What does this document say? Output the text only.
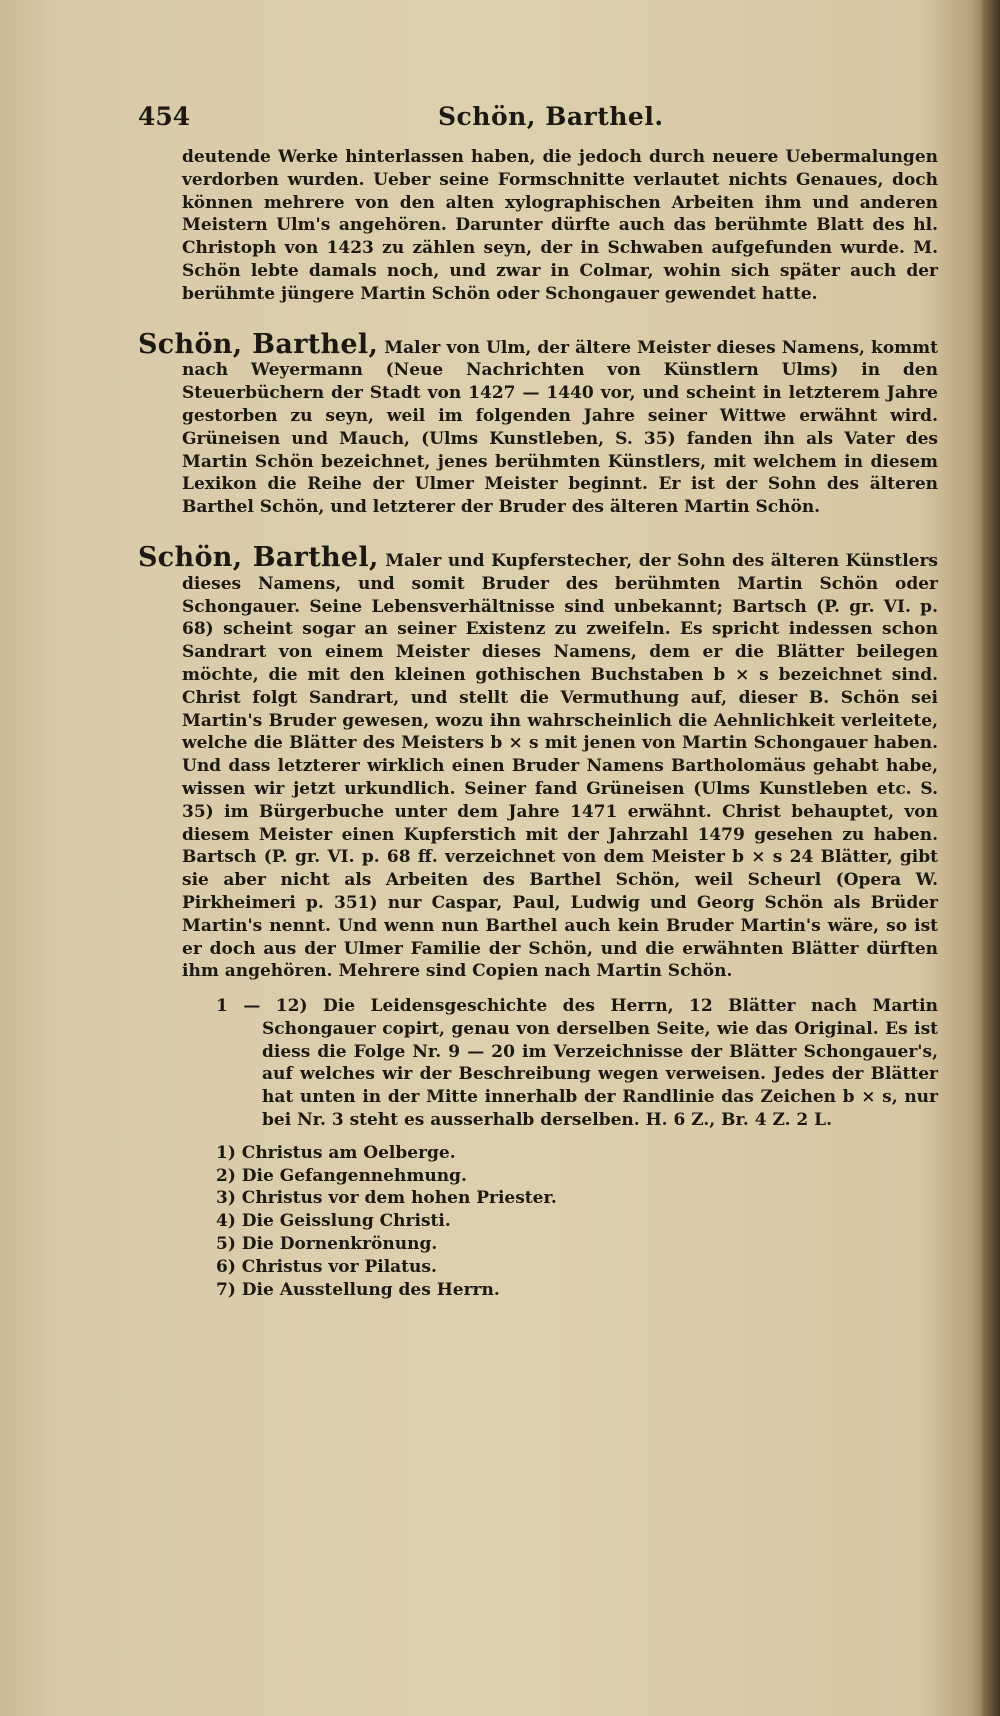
454	Schön, Barthel.

deutende Werke hinterlassen haben, die jedoch durch neuere Uebermalungen verdorben wurden. Ueber seine Formschnitte verlautet nichts Genaues, doch können mehrere von den alten xylographischen Arbeiten ihm und anderen Meistern Ulm's angehören. Darunter dürfte auch das berühmte Blatt des hl. Christoph von 1423 zu zählen seyn, der in Schwaben aufgefunden wurde. M. Schön lebte damals noch, und zwar in Colmar, wohin sich später auch der berühmte jüngere Martin Schön oder Schongauer gewendet hatte.

Schön, Barthel, Maler von Ulm, der ältere Meister dieses Namens, kommt nach Weyermann (Neue Nachrichten von Künstlern Ulms) in den Steuerbüchern der Stadt von 1427 — 1440 vor, und scheint in letzterem Jahre gestorben zu seyn, weil im folgenden Jahre seiner Wittwe erwähnt wird. Grüneisen und Mauch, (Ulms Kunstleben, S. 35) fanden ihn als Vater des Martin Schön bezeichnet, jenes berühmten Künstlers, mit welchem in diesem Lexikon die Reihe der Ulmer Meister beginnt. Er ist der Sohn des älteren Barthel Schön, und letzterer der Bruder des älteren Martin Schön.

Schön, Barthel, Maler und Kupferstecher, der Sohn des älteren Künstlers dieses Namens, und somit Bruder des berühmten Martin Schön oder Schongauer. Seine Lebensverhältnisse sind unbekannt; Bartsch (P. gr. VI. p. 68) scheint sogar an seiner Existenz zu zweifeln. Es spricht indessen schon Sandrart von einem Meister dieses Namens, dem er die Blätter beilegen möchte, die mit den kleinen gothischen Buchstaben b × s bezeichnet sind. Christ folgt Sandrart, und stellt die Vermuthung auf, dieser B. Schön sei Martin's Bruder gewesen, wozu ihn wahrscheinlich die Aehnlichkeit verleitete, welche die Blätter des Meisters b × s mit jenen von Martin Schongauer haben. Und dass letzterer wirklich einen Bruder Namens Bartholomäus gehabt habe, wissen wir jetzt urkundlich. Seiner fand Grüneisen (Ulms Kunstleben etc. S. 35) im Bürgerbuche unter dem Jahre 1471 erwähnt. Christ behauptet, von diesem Meister einen Kupferstich mit der Jahrzahl 1479 gesehen zu haben. Bartsch (P. gr. VI. p. 68 ff. verzeichnet von dem Meister b × s 24 Blätter, gibt sie aber nicht als Arbeiten des Barthel Schön, weil Scheurl (Opera W. Pirkheimeri p. 351) nur Caspar, Paul, Ludwig und Georg Schön als Brüder Martin's nennt. Und wenn nun Barthel auch kein Bruder Martin's wäre, so ist er doch aus der Ulmer Familie der Schön, und die erwähnten Blätter dürften ihm angehören. Mehrere sind Copien nach Martin Schön.

1 — 12) Die Leidensgeschichte des Herrn, 12 Blätter nach Martin Schongauer copirt, genau von derselben Seite, wie das Original. Es ist diess die Folge Nr. 9 — 20 im Verzeichnisse der Blätter Schongauer's, auf welches wir der Beschreibung wegen verweisen. Jedes der Blätter hat unten in der Mitte innerhalb der Randlinie das Zeichen b × s, nur bei Nr. 3 steht es ausserhalb derselben. H. 6 Z., Br. 4 Z. 2 L.

1) Christus am Oelberge.
2) Die Gefangennehmung.
3) Christus vor dem hohen Priester.
4) Die Geisslung Christi.
5) Die Dornenkrönung.
6) Christus vor Pilatus.
7) Die Ausstellung des Herrn.
